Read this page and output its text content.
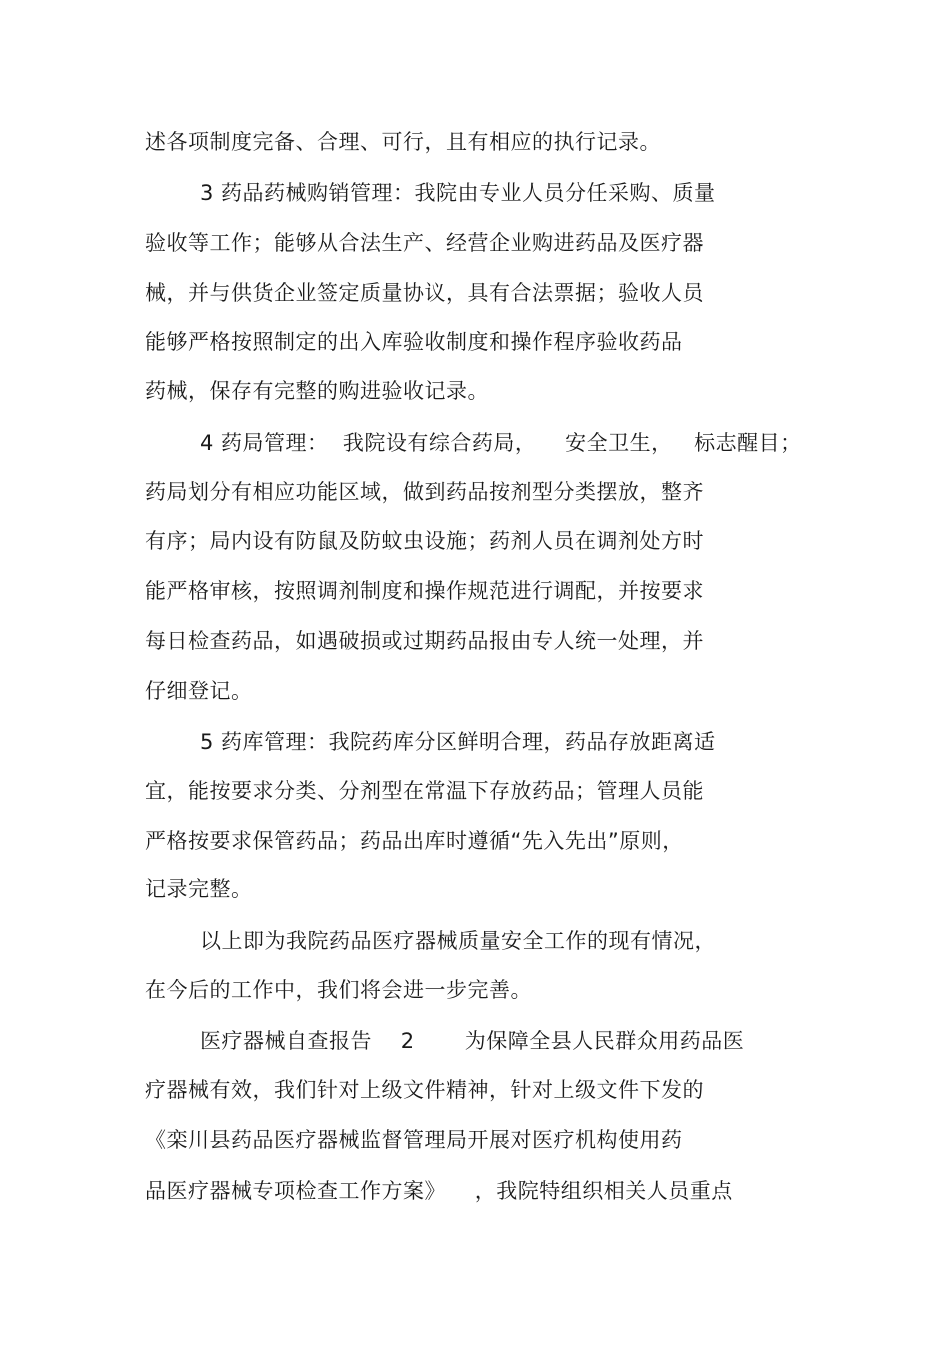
述各项制度完备、合理、可行，且有相应的执行记录。
3 药品药械购销管理：我院由专业人员分任采购、质量
验收等工作；能够从合法生产、经营企业购进药品及医疗器
械，并与供货企业签定质量协议，具有合法票据；验收人员
能够严格按照制定的出入库验收制度和操作程序验收药品
药械，保存有完整的购进验收记录。
4 药局管理：  我院设有综合药局，    安全卫生，   标志醒目；
药局划分有相应功能区域，做到药品按剂型分类摆放，整齐
有序；局内设有防鼠及防蚊虫设施；药剂人员在调剂处方时
能严格审核，按照调剂制度和操作规范进行调配，并按要求
每日检查药品，如遇破损或过期药品报由专人统一处理，并
仔细登记。
5 药库管理：我院药库分区鲜明合理，药品存放距离适
宜，能按要求分类、分剂型在常温下存放药品；管理人员能
严格按要求保管药品；药品出库时遵循“先入先出”原则，
记录完整。
以上即为我院药品医疗器械质量安全工作的现有情况，
在今后的工作中，我们将会进一步完善。
医疗器械自查报告    2       为保障全县人民群众用药品医
疗器械有效，我们针对上级文件精神，针对上级文件下发的
《栾川县药品医疗器械监督管理局开展对医疗机构使用药
品医疗器械专项检查工作方案》    ，我院特组织相关人员重点
